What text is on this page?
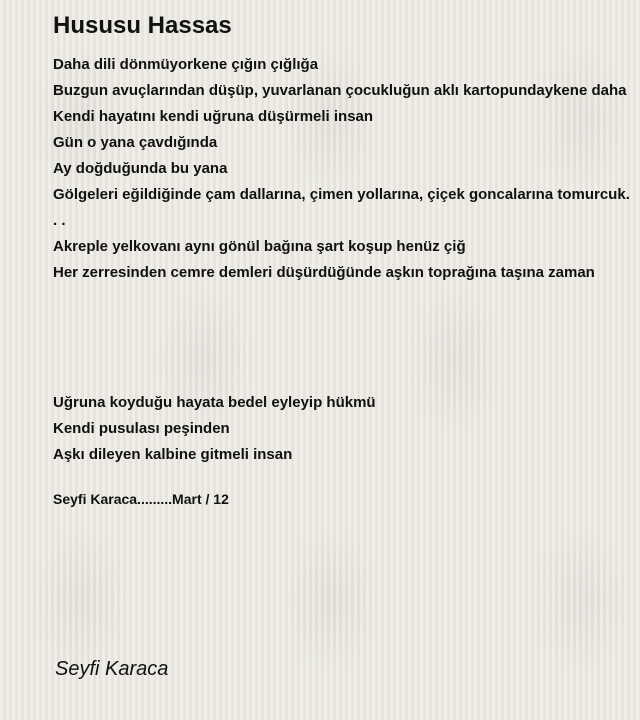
Hususu Hassas
Daha dili dönmüyorkene çığın çığlığa
Buzgun avuçlarından düşüp, yuvarlanan çocukluğun aklı kartopundaykene daha
Kendi hayatını kendi uğruna düşürmeli insan
Gün o yana çavdığında
Ay doğduğunda bu yana
Gölgeleri eğildiğinde çam dallarına, çimen yollarına, çiçek goncalarına tomurcuk. . .
Akreple yelkovanı aynı gönül bağına şart koşup henüz çiğ
Her zerresinden cemre demleri düşürdüğünde aşkın toprağına taşına zaman
Uğruna koyduğu hayata bedel eyleyip hükmü
Kendi pusulası peşinden
Aşkı dileyen kalbine gitmeli insan
Seyfi Karaca.........Mart / 12
Seyfi Karaca
